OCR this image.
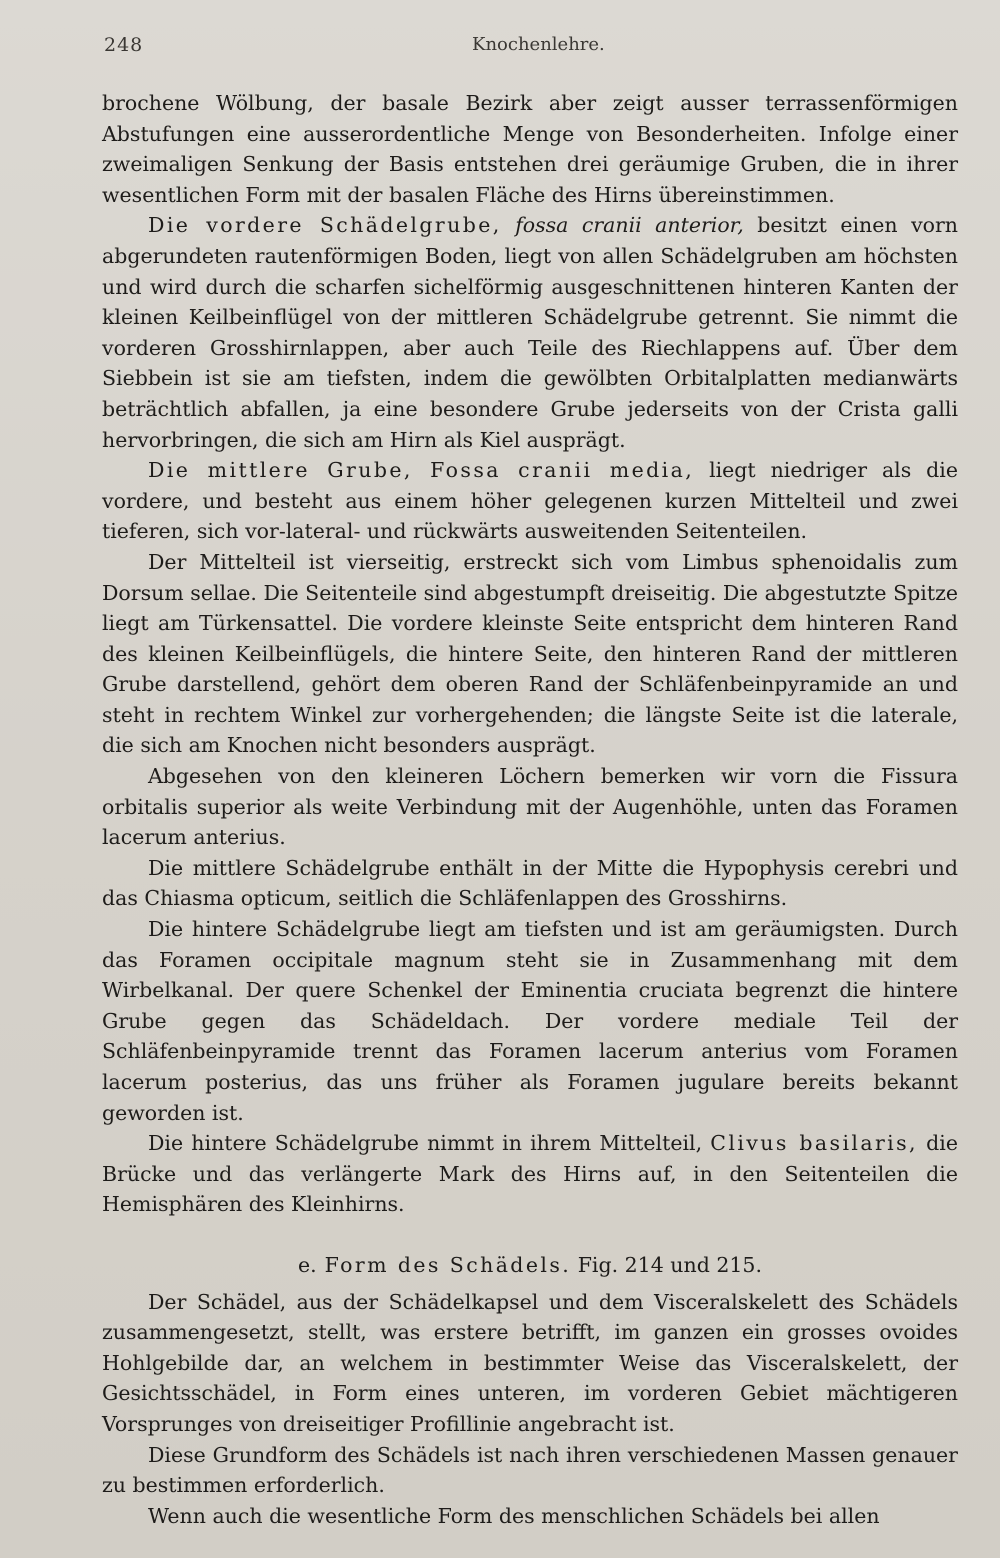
248	Knochenlehre.

brochene Wölbung, der basale Bezirk aber zeigt ausser terrassenförmigen Abstufungen eine ausserordentliche Menge von Besonderheiten. Infolge einer zweimaligen Senkung der Basis entstehen drei geräumige Gruben, die in ihrer wesentlichen Form mit der basalen Fläche des Hirns übereinstimmen.

Die vordere Schädelgrube, fossa cranii anterior, besitzt einen vorn abgerundeten rautenförmigen Boden, liegt von allen Schädelgruben am höchsten und wird durch die scharfen sichelförmig ausgeschnittenen hinteren Kanten der kleinen Keilbeinflügel von der mittleren Schädelgrube getrennt. Sie nimmt die vorderen Grosshirnlappen, aber auch Teile des Riechlappens auf. Über dem Siebbein ist sie am tiefsten, indem die gewölbten Orbitalplatten medianwärts beträchtlich abfallen, ja eine besondere Grube jederseits von der Crista galli hervorbringen, die sich am Hirn als Kiel ausprägt.

Die mittlere Grube, Fossa cranii media, liegt niedriger als die vordere, und besteht aus einem höher gelegenen kurzen Mittelteil und zwei tieferen, sich vor-lateral- und rückwärts ausweitenden Seitenteilen.

Der Mittelteil ist vierseitig, erstreckt sich vom Limbus sphenoidalis zum Dorsum sellae. Die Seitenteile sind abgestumpft dreiseitig. Die abgestutzte Spitze liegt am Türkensattel. Die vordere kleinste Seite entspricht dem hinteren Rand des kleinen Keilbeinflügels, die hintere Seite, den hinteren Rand der mittleren Grube darstellend, gehört dem oberen Rand der Schläfenbeinpyramide an und steht in rechtem Winkel zur vorhergehenden; die längste Seite ist die laterale, die sich am Knochen nicht besonders ausprägt.

Abgesehen von den kleineren Löchern bemerken wir vorn die Fissura orbitalis superior als weite Verbindung mit der Augenhöhle, unten das Foramen lacerum anterius.

Die mittlere Schädelgrube enthält in der Mitte die Hypophysis cerebri und das Chiasma opticum, seitlich die Schläfenlappen des Grosshirns.

Die hintere Schädelgrube liegt am tiefsten und ist am geräumigsten. Durch das Foramen occipitale magnum steht sie in Zusammenhang mit dem Wirbelkanal. Der quere Schenkel der Eminentia cruciata begrenzt die hintere Grube gegen das Schädeldach. Der vordere mediale Teil der Schläfenbeinpyramide trennt das Foramen lacerum anterius vom Foramen lacerum posterius, das uns früher als Foramen jugulare bereits bekannt geworden ist.

Die hintere Schädelgrube nimmt in ihrem Mittelteil, Clivus basilaris, die Brücke und das verlängerte Mark des Hirns auf, in den Seitenteilen die Hemisphären des Kleinhirns.

e. Form des Schädels. Fig. 214 und 215.

Der Schädel, aus der Schädelkapsel und dem Visceralskelett des Schädels zusammengesetzt, stellt, was erstere betrifft, im ganzen ein grosses ovoides Hohlgebilde dar, an welchem in bestimmter Weise das Visceralskelett, der Gesichtsschädel, in Form eines unteren, im vorderen Gebiet mächtigeren Vorsprunges von dreiseitiger Profillinie angebracht ist.

Diese Grundform des Schädels ist nach ihren verschiedenen Massen genauer zu bestimmen erforderlich.

Wenn auch die wesentliche Form des menschlichen Schädels bei allen
